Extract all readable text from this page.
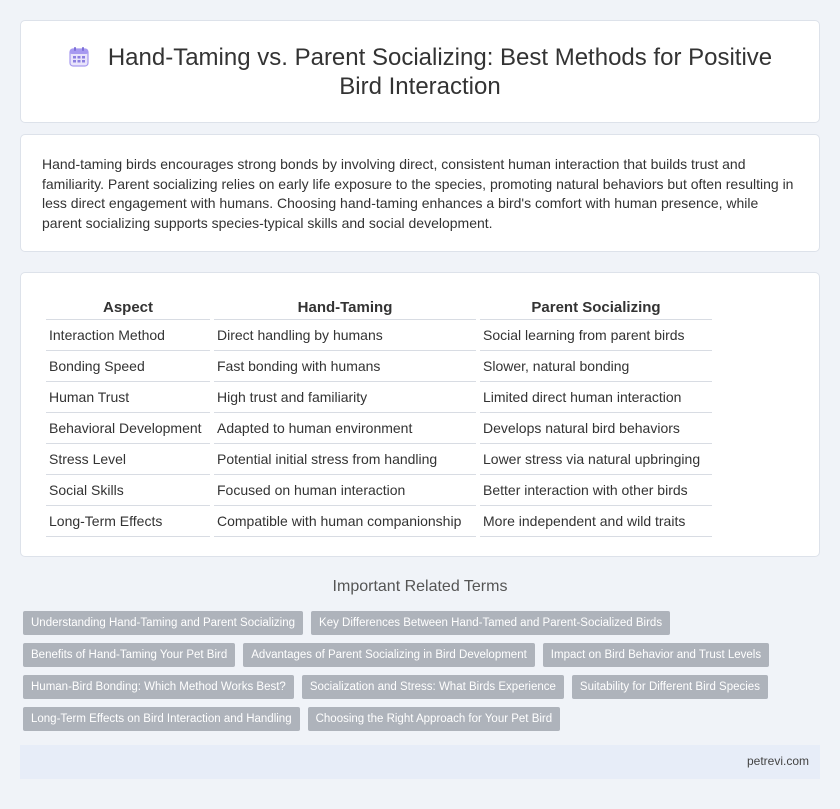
Hand-Taming vs. Parent Socializing: Best Methods for Positive Bird Interaction

Hand-taming birds encourages strong bonds by involving direct, consistent human interaction that builds trust and familiarity. Parent socializing relies on early life exposure to the species, promoting natural behaviors but often resulting in less direct engagement with humans. Choosing hand-taming enhances a bird's comfort with human presence, while parent socializing supports species-typical skills and social development.

Aspect	Hand-Taming	Parent Socializing
Interaction Method	Direct handling by humans	Social learning from parent birds
Bonding Speed	Fast bonding with humans	Slower, natural bonding
Human Trust	High trust and familiarity	Limited direct human interaction
Behavioral Development	Adapted to human environment	Develops natural bird behaviors
Stress Level	Potential initial stress from handling	Lower stress via natural upbringing
Social Skills	Focused on human interaction	Better interaction with other birds
Long-Term Effects	Compatible with human companionship	More independent and wild traits
Important Related Terms
Understanding Hand-Taming and Parent Socializing	Key Differences Between Hand-Tamed and Parent-Socialized Birds
Benefits of Hand-Taming Your Pet Bird	Advantages of Parent Socializing in Bird Development	Impact on Bird Behavior and Trust Levels
Human-Bird Bonding: Which Method Works Best?	Socialization and Stress: What Birds Experience	Suitability for Different Bird Species
Long-Term Effects on Bird Interaction and Handling	Choosing the Right Approach for Your Pet Bird
petrevi.com
